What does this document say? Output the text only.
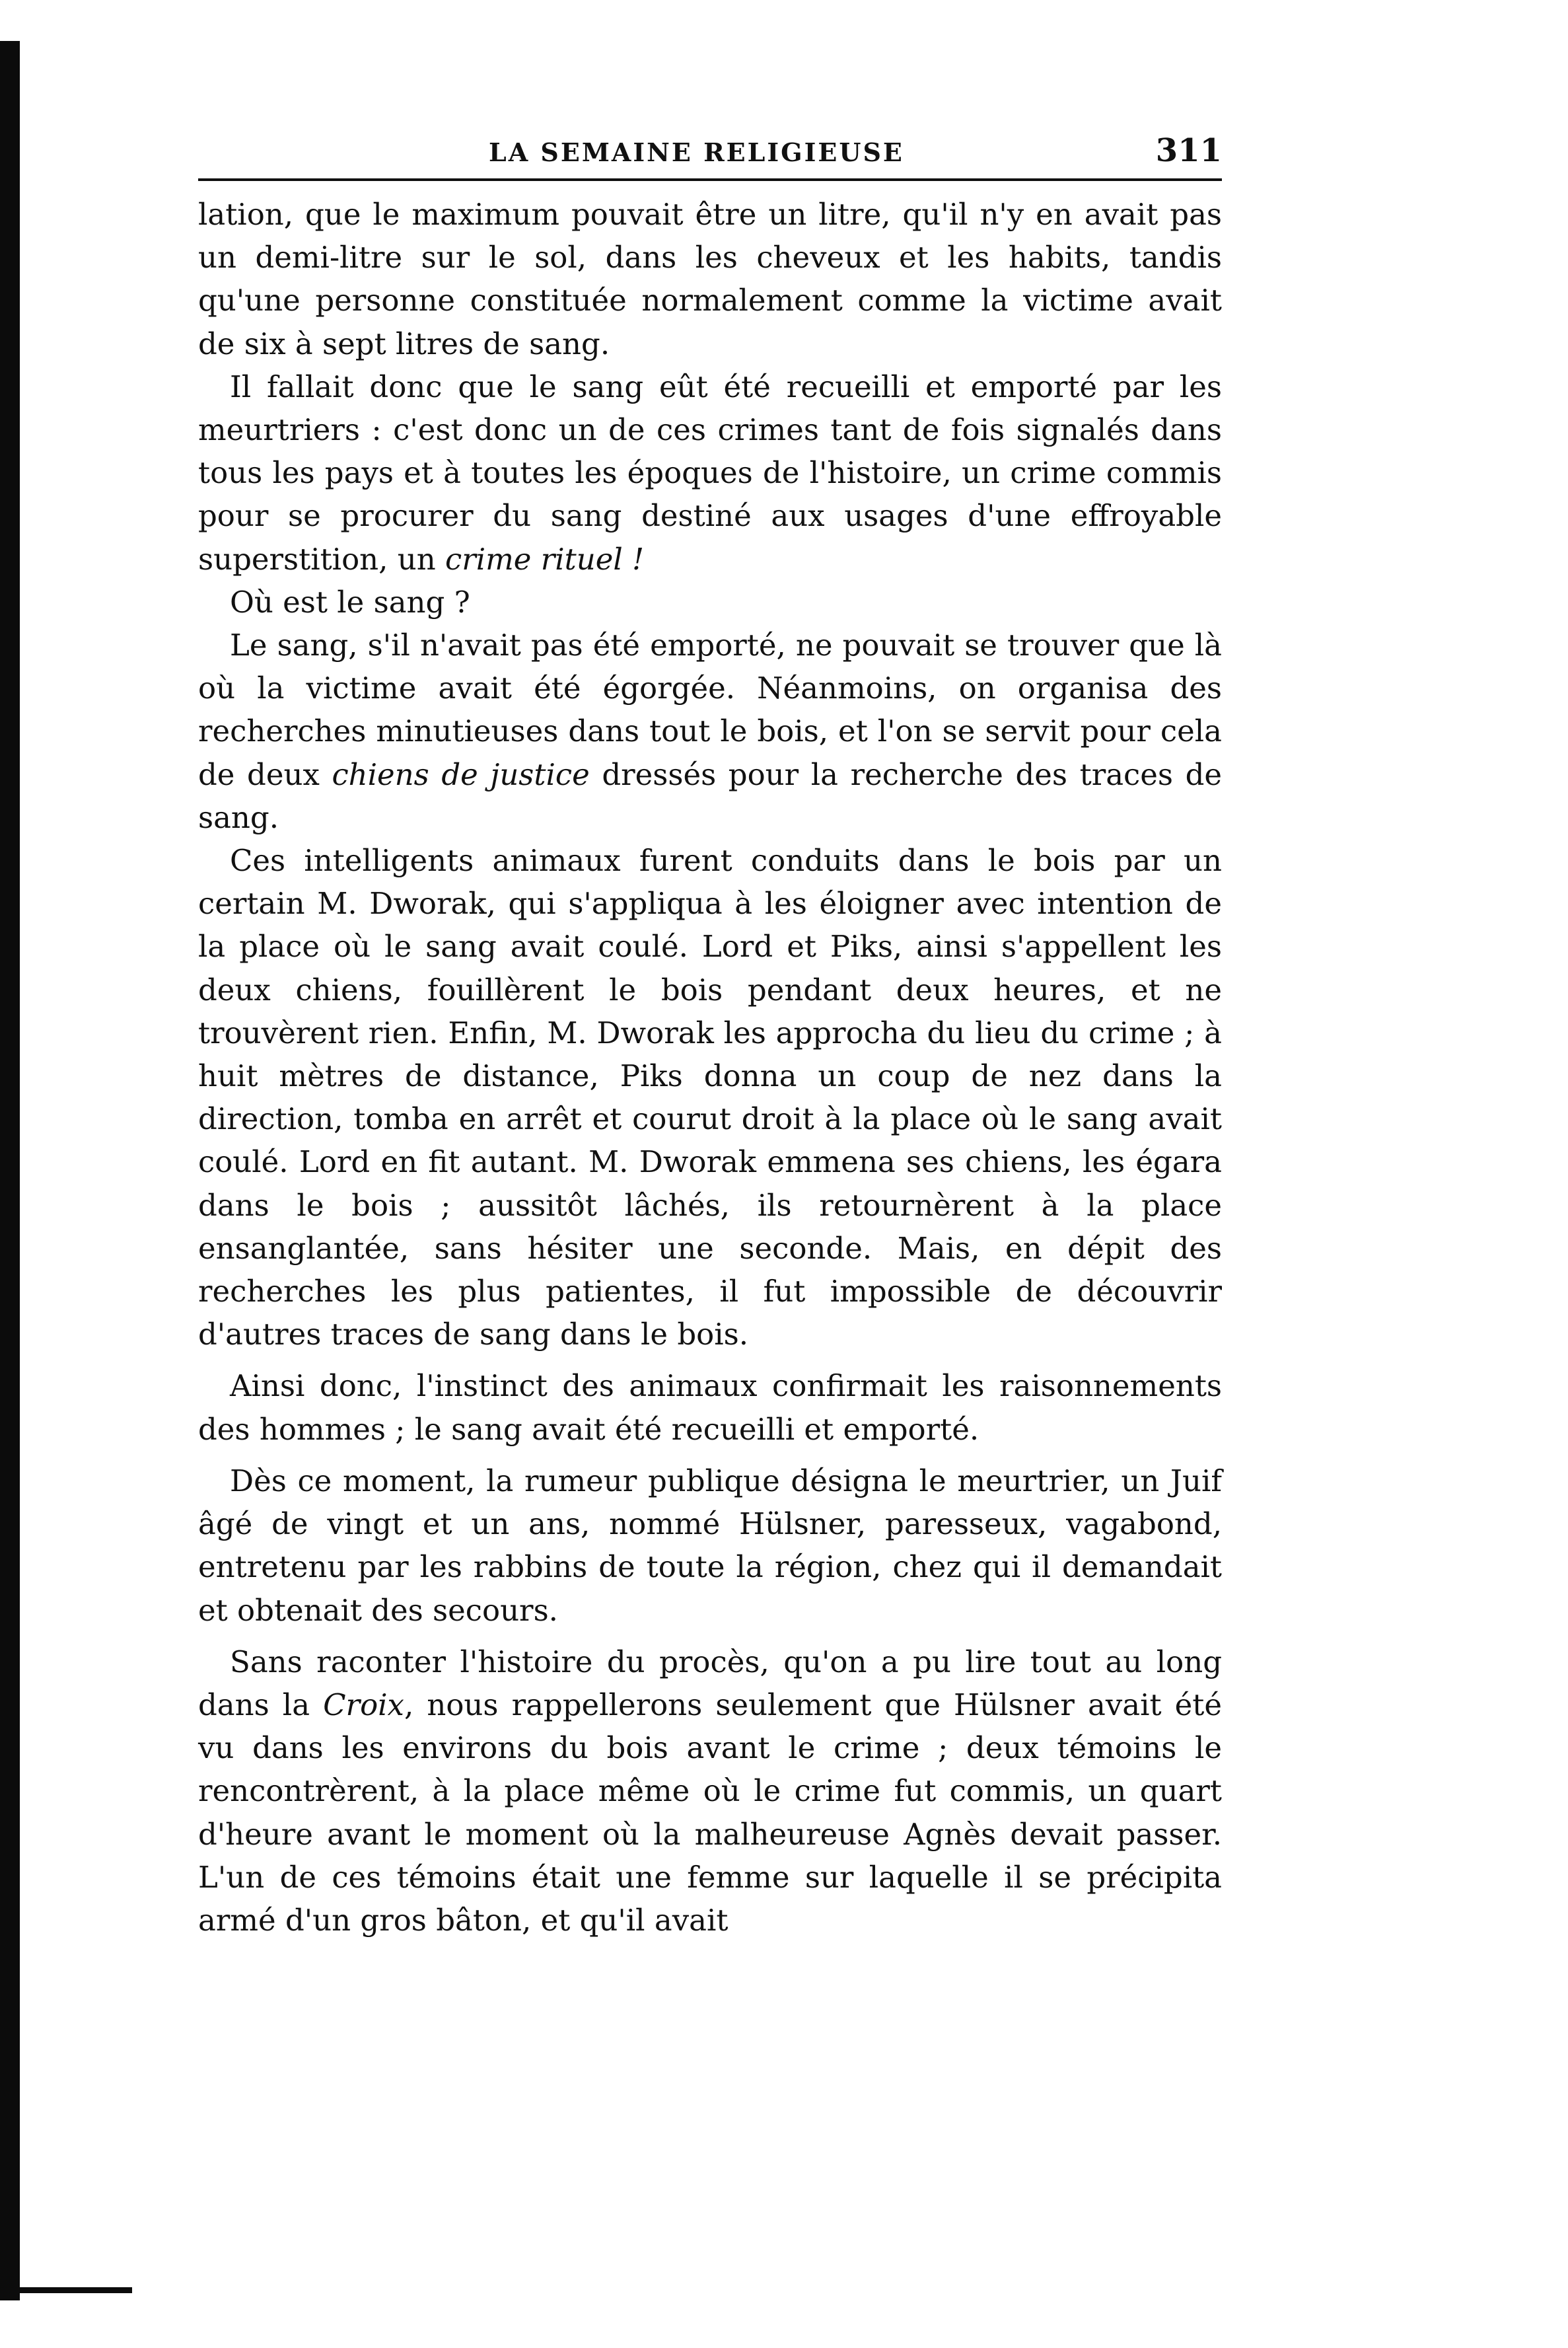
LA SEMAINE RELIGIEUSE	311

lation, que le maximum pouvait être un litre, qu'il n'y en avait pas un demi-litre sur le sol, dans les cheveux et les habits, tandis qu'une personne constituée normalement comme la victime avait de six à sept litres de sang.

Il fallait donc que le sang eût été recueilli et emporté par les meurtriers : c'est donc un de ces crimes tant de fois signalés dans tous les pays et à toutes les époques de l'histoire, un crime commis pour se procurer du sang destiné aux usages d'une effroyable superstition, un crime rituel !

Où est le sang ?

Le sang, s'il n'avait pas été emporté, ne pouvait se trouver que là où la victime avait été égorgée. Néanmoins, on organisa des recherches minutieuses dans tout le bois, et l'on se servit pour cela de deux chiens de justice dressés pour la recherche des traces de sang.

Ces intelligents animaux furent conduits dans le bois par un certain M. Dworak, qui s'appliqua à les éloigner avec intention de la place où le sang avait coulé. Lord et Piks, ainsi s'appellent les deux chiens, fouillèrent le bois pendant deux heures, et ne trouvèrent rien. Enfin, M. Dworak les approcha du lieu du crime ; à huit mètres de distance, Piks donna un coup de nez dans la direction, tomba en arrêt et courut droit à la place où le sang avait coulé. Lord en fit autant. M. Dworak emmena ses chiens, les égara dans le bois ; aussitôt lâchés, ils retournèrent à la place ensanglantée, sans hésiter une seconde. Mais, en dépit des recherches les plus patientes, il fut impossible de découvrir d'autres traces de sang dans le bois.

Ainsi donc, l'instinct des animaux confirmait les raisonnements des hommes ; le sang avait été recueilli et emporté.

Dès ce moment, la rumeur publique désigna le meurtrier, un Juif âgé de vingt et un ans, nommé Hülsner, paresseux, vagabond, entretenu par les rabbins de toute la région, chez qui il demandait et obtenait des secours.

Sans raconter l'histoire du procès, qu'on a pu lire tout au long dans la Croix, nous rappellerons seulement que Hülsner avait été vu dans les environs du bois avant le crime ; deux témoins le rencontrèrent, à la place même où le crime fut commis, un quart d'heure avant le moment où la malheureuse Agnès devait passer. L'un de ces témoins était une femme sur laquelle il se précipita armé d'un gros bâton, et qu'il avait
